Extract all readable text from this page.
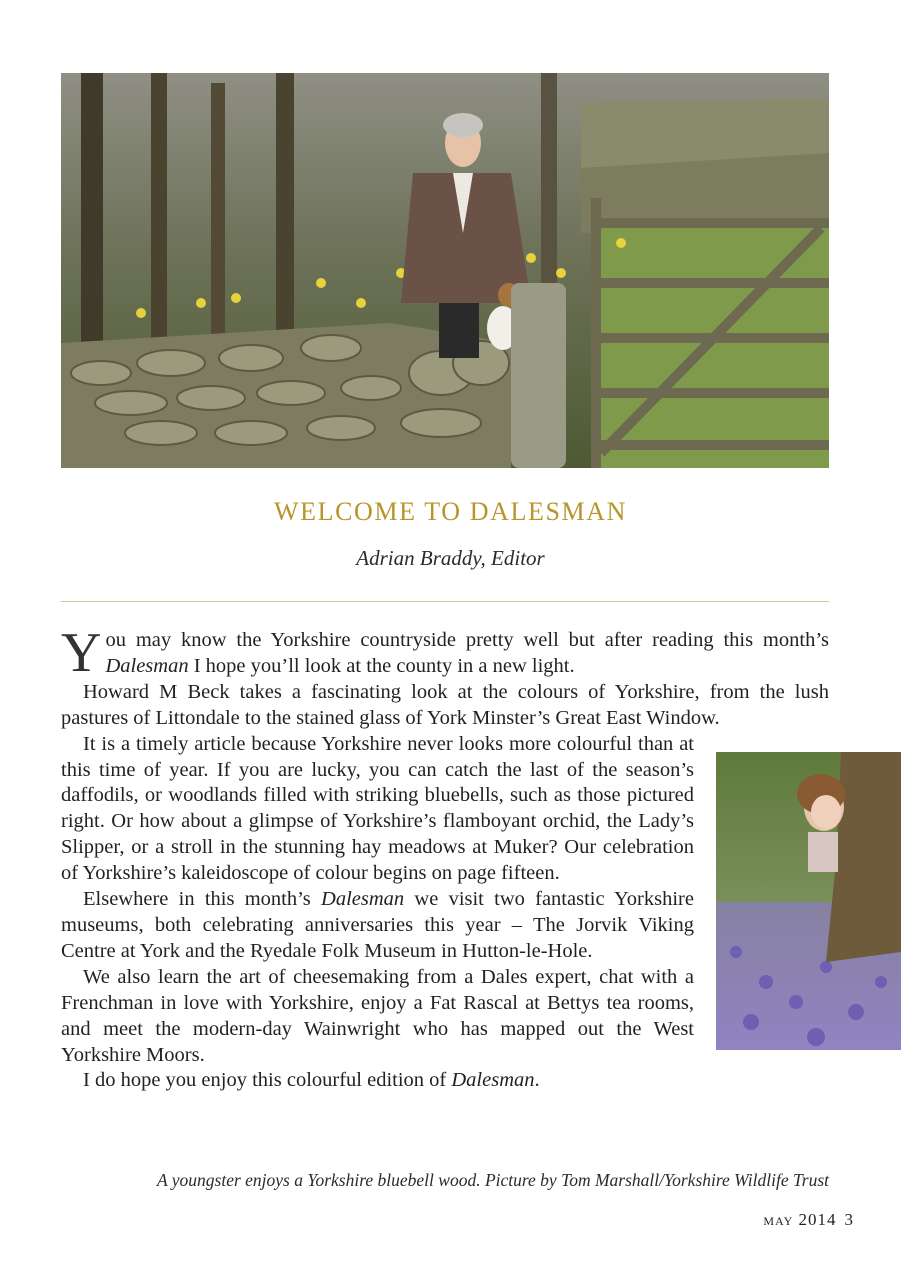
WELCOME TO DALESMAN
Adrian Braddy, Editor

You may know the Yorkshire countryside pretty well but after reading this month’s Dalesman I hope you’ll look at the county in a new light.

Howard M Beck takes a fascinating look at the colours of Yorkshire, from the lush pastures of Littondale to the stained glass of York Minster’s Great East Window.

It is a timely article because Yorkshire never looks more colourful than at this time of year. If you are lucky, you can catch the last of the season’s daffodils, or woodlands filled with striking bluebells, such as those pictured right. Or how about a glimpse of Yorkshire’s flamboyant orchid, the Lady’s Slipper, or a stroll in the stunning hay meadows at Muker? Our celebration of Yorkshire’s kaleidoscope of colour begins on page fifteen.

Elsewhere in this month’s Dalesman we visit two fantastic Yorkshire museums, both celebrating anniversaries this year – The Jorvik Viking Centre at York and the Ryedale Folk Museum in Hutton-le-Hole.

We also learn the art of cheesemaking from a Dales expert, chat with a Frenchman in love with Yorkshire, enjoy a Fat Rascal at Bettys tea rooms, and meet the modern-day Wainwright who has mapped out the West Yorkshire Moors.

I do hope you enjoy this colourful edition of Dalesman.

A youngster enjoys a Yorkshire bluebell wood. Picture by Tom Marshall/Yorkshire Wildlife Trust
may 2014 3
